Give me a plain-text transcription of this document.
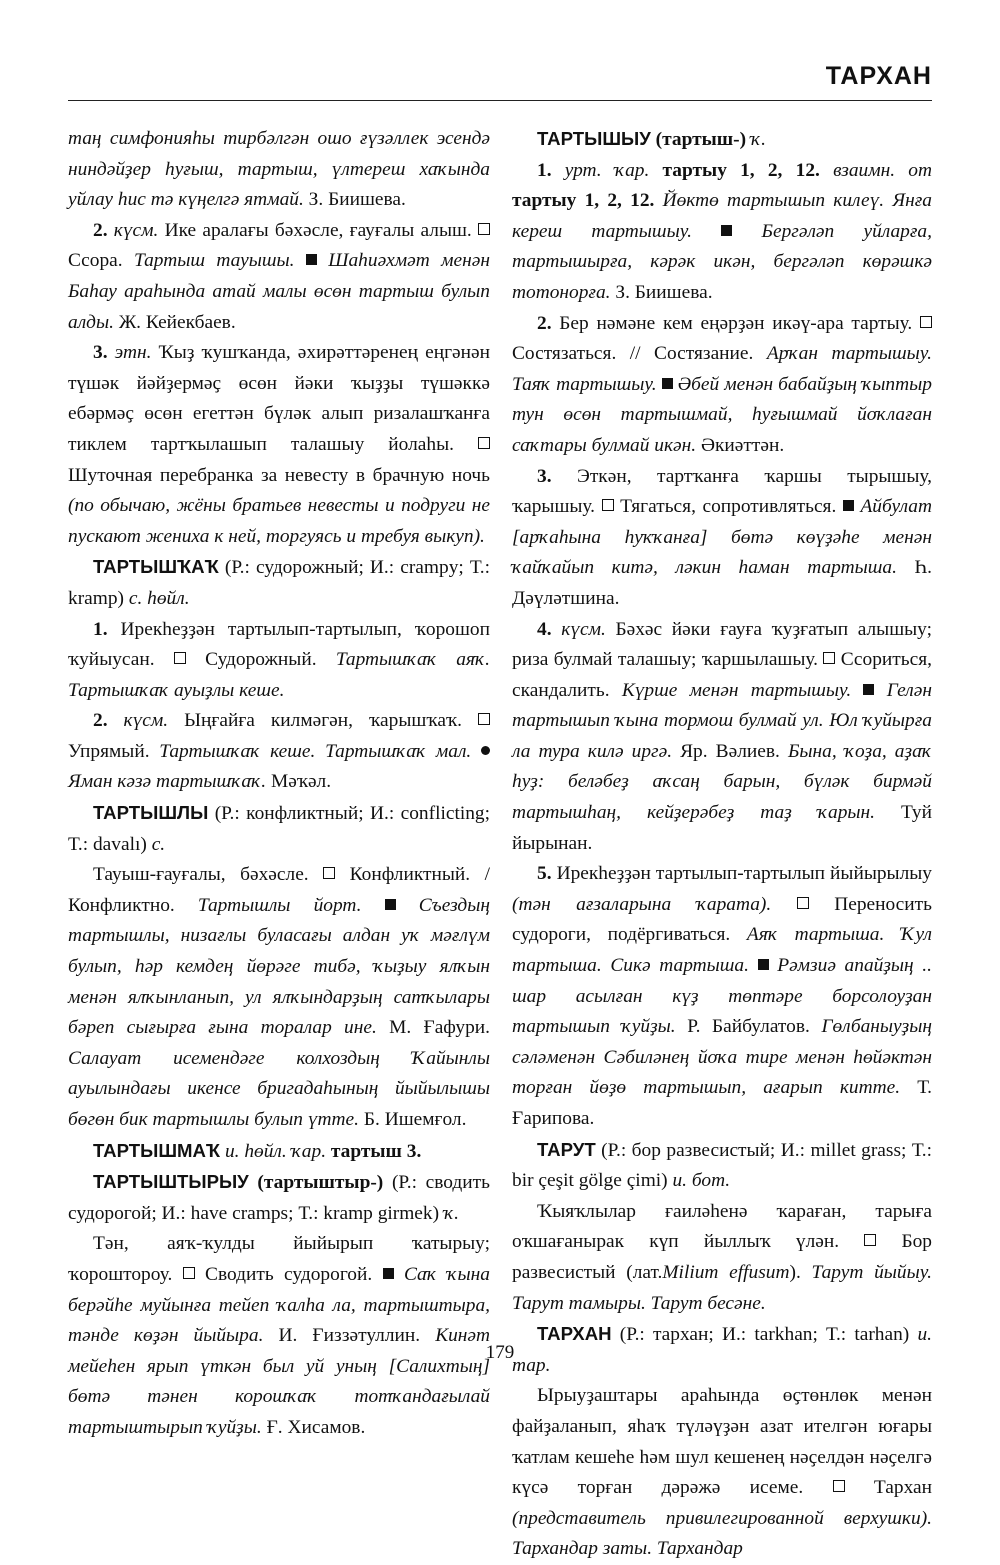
ТАРХАН

таң симфонияһы тирбәлгән ошо ғүзәллек эсендә ниндәйҙер һуғыш, тартыш, үлтереш хаҡында уйлау һис тә күңелгә ятмай. З. Биишева.

2. күсм. Ике аралағы бәхәсле, ғауғалы алыш.  Ссора. Тартыш тауышы. Шаһиәхмәт менән Баһау араһында атай малы өсөн тартыш булып алды. Ж. Кейекбаев.

3. этн. Ҡыҙ ҡушҡанда, әхирәттәренең еңгәнән түшәк йәйҙермәҫ өсөн йәки ҡыҙҙы түшәккә ебәрмәҫ өсөн егеттән бүләк алып ризалашҡанға тиклем тартҡылашып талашыу йолаһы.  Шуточная перебранка за невесту в брачную ночь (по обычаю, жёны братьев невесты и подруги не пускают жениха к ней, торгуясь и требуя выкуп).

ТАРТЫШҠАҠ (Р.: судорожный; И.: crampy; Т.: kramp) с. һөйл.

1. Ирекһеҙҙән тартылып-тартылып, ҡорошоп ҡуйыусан.	Судорожный. Тартышҡаҡ аяҡ. Тартышҡаҡ ауыҙлы кеше.

2. күсм. Ыңғайға килмәгән, ҡарышҡаҡ.  Упрямый. Тартышҡаҡ кеше. Тартышҡаҡ мал.  Яман кәзә тартышҡаҡ. Мәҡәл.

ТАРТЫШЛЫ (Р.: конфликтный; И.: conflicting; Т.: davalı) с.

Тауыш-ғауғалы, бәхәсле. Конфликтный. / Конфликтно. Тартышлы йорт.	Съездың тартышлы, низағлы буласағы алдан уҡ мәғлүм булып, һәр кемдең йөрәге тибә, ҡыҙыу ялҡын менән ялҡынланып, ул ялҡындарҙың сатҡылары бәреп сығырға ғына торалар ине. М. Ғафури. Салауат исемендәге колхоздың Ҡайынлы ауылындағы икенсе бригадаһының йыйылышы бөгөн бик тартышлы булып үтте. Б. Ишемғол.

ТАРТЫШМАҠ и. һөйл. ҡар. тартыш 3.

ТАРТЫШТЫРЫУ (тартыштыр-) (Р.: сводить судорогой; И.: have cramps; Т.: kramp girmek) ҡ.

Тән, аяҡ-ҡулды йыйырып ҡатырыу; ҡороштороу. Сводить судорогой. Саҡ ҡына берәйһе муйынға тейеп ҡалһа ла, тартыштыра, тәнде көҙән йыйыра. И. Ғиззәтуллин. Кинәт мейеһен ярып үткән был уй уның [Салихтың] бөтә тәнен корошҡаҡ тотҡандағылай тартыштырып ҡуйҙы. Ғ. Хисамов.

ТАРТЫШЫУ (тартыш-) ҡ.

1. урт. ҡар. тартыу 1, 2, 12. взаимн. от тартыу 1, 2, 12. Йөктө тартышып килеү. Янға кереш тартышыу.	Бергәләп уйларға, тартышырға, кәрәк икән, бергәләп көрәшкә тотонорға. З. Биишева.

2. Бер нәмәне кем еңәрҙән икәү-ара тартыу.  Состязаться. // Состязание. Арҡан тартышыу. Таяҡ тартышыу. Әбей менән бабайҙың ҡыптыр тун өсөн тартышмай, һуғышмай йоҡлаған саҡтары булмай икән. Әкиәттән.

3. Эткән, тартҡанға ҡаршы тырышыу, ҡарышыу. Тягаться, сопротивляться. Айбулат [арҡаһына һуҡҡанға] бөтә көүҙәһе менән ҡайҡайып китә, ләкин һаман тартыша. Һ. Дәүләтшина.

4. күсм. Бәхәс йәки ғауға ҡуҙғатып алышыу; риза булмай талашыу; ҡаршылашыу. Ссориться, скандалить. Күрше менән тартышыу. Гелән тартышып ҡына тормош булмай ул. Юл ҡуйырға ла тура килә иргә. Яр. Вәлиев. Бына, ҡоҙа, аҙаҡ һуҙ: беләбеҙ аҡсаң барын, бүләк бирмәй тартышһаң, кейҙерәбеҙ таҙ ҡарын. Туй йырынан.

5. Ирекһеҙҙән тартылып-тартылып йыйырылыу (тән ағзаларына ҡарата).	Переносить судороги, подёргиваться. Аяҡ тартыша. Ҡул тартыша. Сикә тартыша. Рәмзиә апайҙың .. шар асылған күҙ төптәре борсолоуҙан тартышып ҡуйҙы. Р. Байбулатов. Гөлбаныуҙың сәләменән Сәбиләнең йоҡа тире менән һөйәктән торған йөҙө тартышып, ағарып китте. Т. Ғарипова.

ТАРУТ (Р.: бор развесистый; И.: millet grass; Т.: bir çeşit gölge çimi) и. бот.

Ҡыяҡлылар ғаиләһенә ҡараған, тарыға оҡшағанырак күп йыллыҡ үлән.	Бор развесистый (лат.Milium effusum). Тарут йыйыу. Тарут тамыры. Тарут бесәне.

ТАРХАН (Р.: тархан; И.: tarkhan; Т.: tarhan) и. тар.

Ырыуҙаштары араһында өҫтөнлөк менән файҙаланып, яһаҡ түләүҙән азат ителгән юғары ҡатлам кешеһе һәм шул кешенең нәҫелдән нәҫелгә күсә торған дәрәжә исеме.	Тархан (представитель привилегированной верхушки). Тархандар заты. Тархандар

179
